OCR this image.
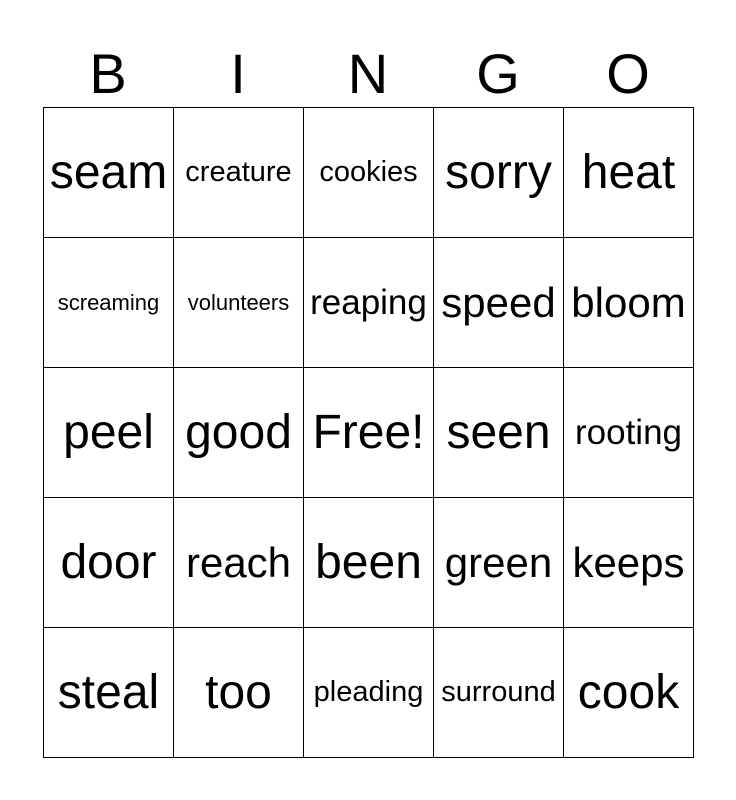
B	I	N	G	O
seam creature cookies sorry heat
screaming volunteers reaping speed bloom
peel good Free! seen rooting
door reach been green keeps
steal too pleading surround cook
